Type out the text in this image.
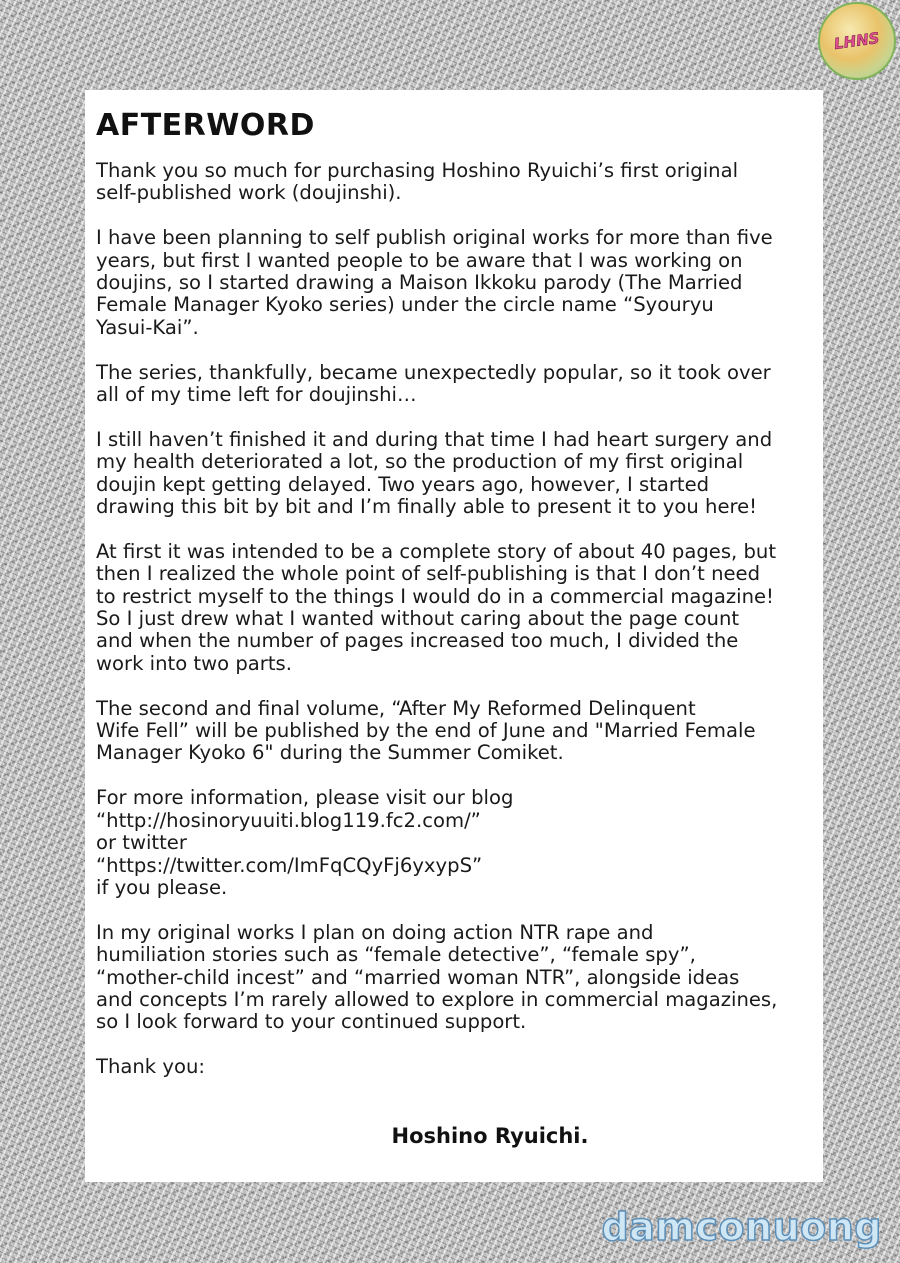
AFTERWORD

Thank you so much for purchasing Hoshino Ryuichi’s first original
self-published work (doujinshi).

I have been planning to self publish original works for more than five
years, but first I wanted people to be aware that I was working on
doujins, so I started drawing a Maison Ikkoku parody (The Married
Female Manager Kyoko series) under the circle name “Syouryu
Yasui-Kai”.

The series, thankfully, became unexpectedly popular, so it took over
all of my time left for doujinshi…

I still haven’t finished it and during that time I had heart surgery and
my health deteriorated a lot, so the production of my first original
doujin kept getting delayed. Two years ago, however, I started
drawing this bit by bit and I’m finally able to present it to you here!

At first it was intended to be a complete story of about 40 pages, but
then I realized the whole point of self-publishing is that I don’t need
to restrict myself to the things I would do in a commercial magazine!
So I just drew what I wanted without caring about the page count
and when the number of pages increased too much, I divided the
work into two parts.

The second and final volume, “After My Reformed Delinquent
Wife Fell” will be published by the end of June and "Married Female
Manager Kyoko 6" during the Summer Comiket.

For more information, please visit our blog
“http://hosinoryuuiti.blog119.fc2.com/”
or twitter
“https://twitter.com/ImFqCQyFj6yxypS”
if you please.

In my original works I plan on doing action NTR rape and
humiliation stories such as “female detective”, “female spy”,
“mother-child incest” and “married woman NTR”, alongside ideas
and concepts I’m rarely allowed to explore in commercial magazines,
so I look forward to your continued support.

Thank you:

Hoshino Ryuichi.
LHNS
damconuong
